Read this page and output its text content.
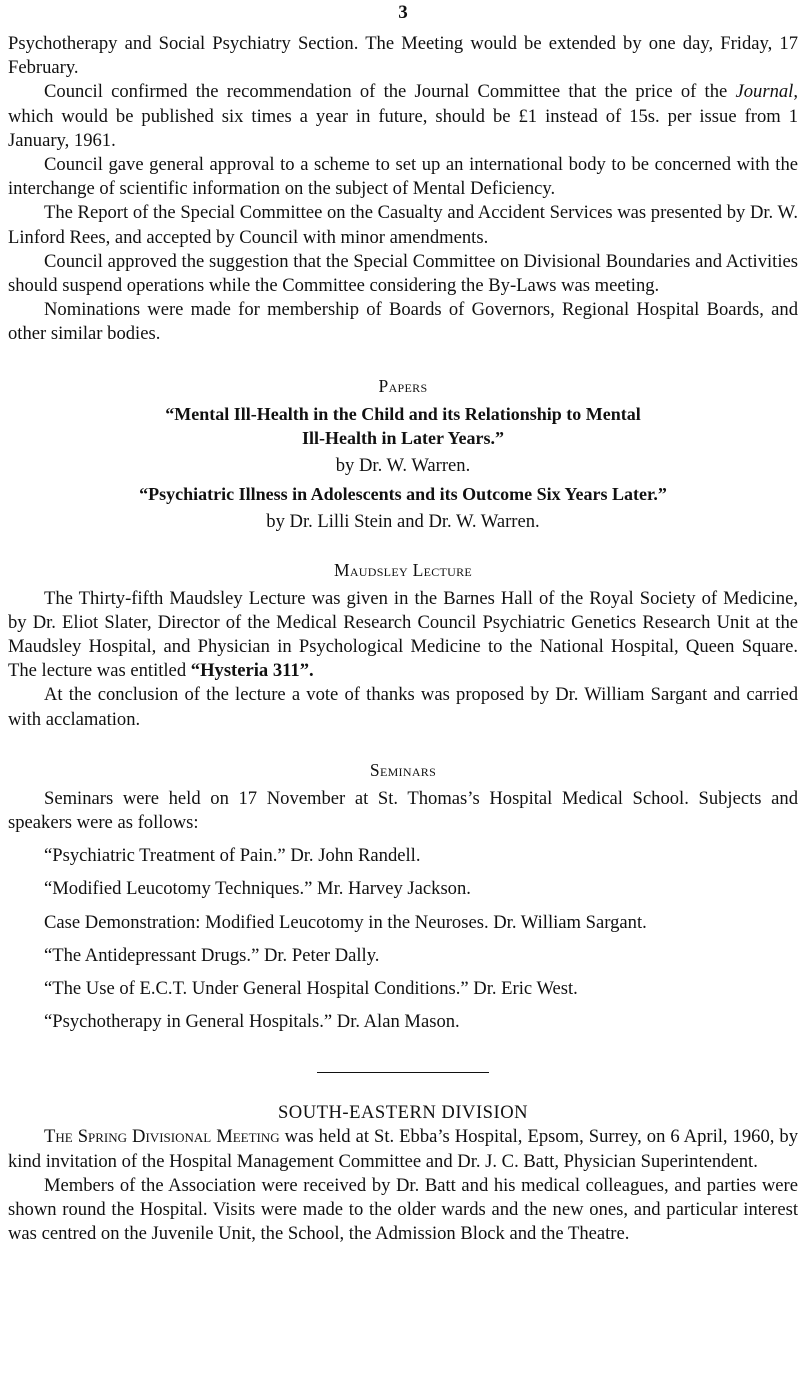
3

Psychotherapy and Social Psychiatry Section. The Meeting would be extended by one day, Friday, 17 February.

Council confirmed the recommendation of the Journal Committee that the price of the Journal, which would be published six times a year in future, should be £1 instead of 15s. per issue from 1 January, 1961.

Council gave general approval to a scheme to set up an international body to be concerned with the interchange of scientific information on the subject of Mental Deficiency.

The Report of the Special Committee on the Casualty and Accident Services was presented by Dr. W. Linford Rees, and accepted by Council with minor amendments.

Council approved the suggestion that the Special Committee on Divisional Boundaries and Activities should suspend operations while the Committee considering the By-Laws was meeting.

Nominations were made for membership of Boards of Governors, Regional Hospital Boards, and other similar bodies.

Papers
“Mental Ill-Health in the Child and its Relationship to Mental
Ill-Health in Later Years.”
by Dr. W. Warren.
“Psychiatric Illness in Adolescents and its Outcome Six Years Later.”
by Dr. Lilli Stein and Dr. W. Warren.
Maudsley Lecture

The Thirty-fifth Maudsley Lecture was given in the Barnes Hall of the Royal Society of Medicine, by Dr. Eliot Slater, Director of the Medical Research Council Psychiatric Genetics Research Unit at the Maudsley Hospital, and Physician in Psychological Medicine to the National Hospital, Queen Square. The lecture was entitled “Hysteria 311”.

At the conclusion of the lecture a vote of thanks was proposed by Dr. William Sargant and carried with acclamation.

Seminars

Seminars were held on 17 November at St. Thomas’s Hospital Medical School. Subjects and speakers were as follows:

“Psychiatric Treatment of Pain.” Dr. John Randell.
“Modified Leucotomy Techniques.” Mr. Harvey Jackson.
Case Demonstration: Modified Leucotomy in the Neuroses. Dr. William Sargant.
“The Antidepressant Drugs.” Dr. Peter Dally.
“The Use of E.C.T. Under General Hospital Conditions.” Dr. Eric West.
“Psychotherapy in General Hospitals.” Dr. Alan Mason.
SOUTH-EASTERN DIVISION

The Spring Divisional Meeting was held at St. Ebba’s Hospital, Epsom, Surrey, on 6 April, 1960, by kind invitation of the Hospital Management Committee and Dr. J. C. Batt, Physician Superintendent.

Members of the Association were received by Dr. Batt and his medical colleagues, and parties were shown round the Hospital. Visits were made to the older wards and the new ones, and particular interest was centred on the Juvenile Unit, the School, the Admission Block and the Theatre.
